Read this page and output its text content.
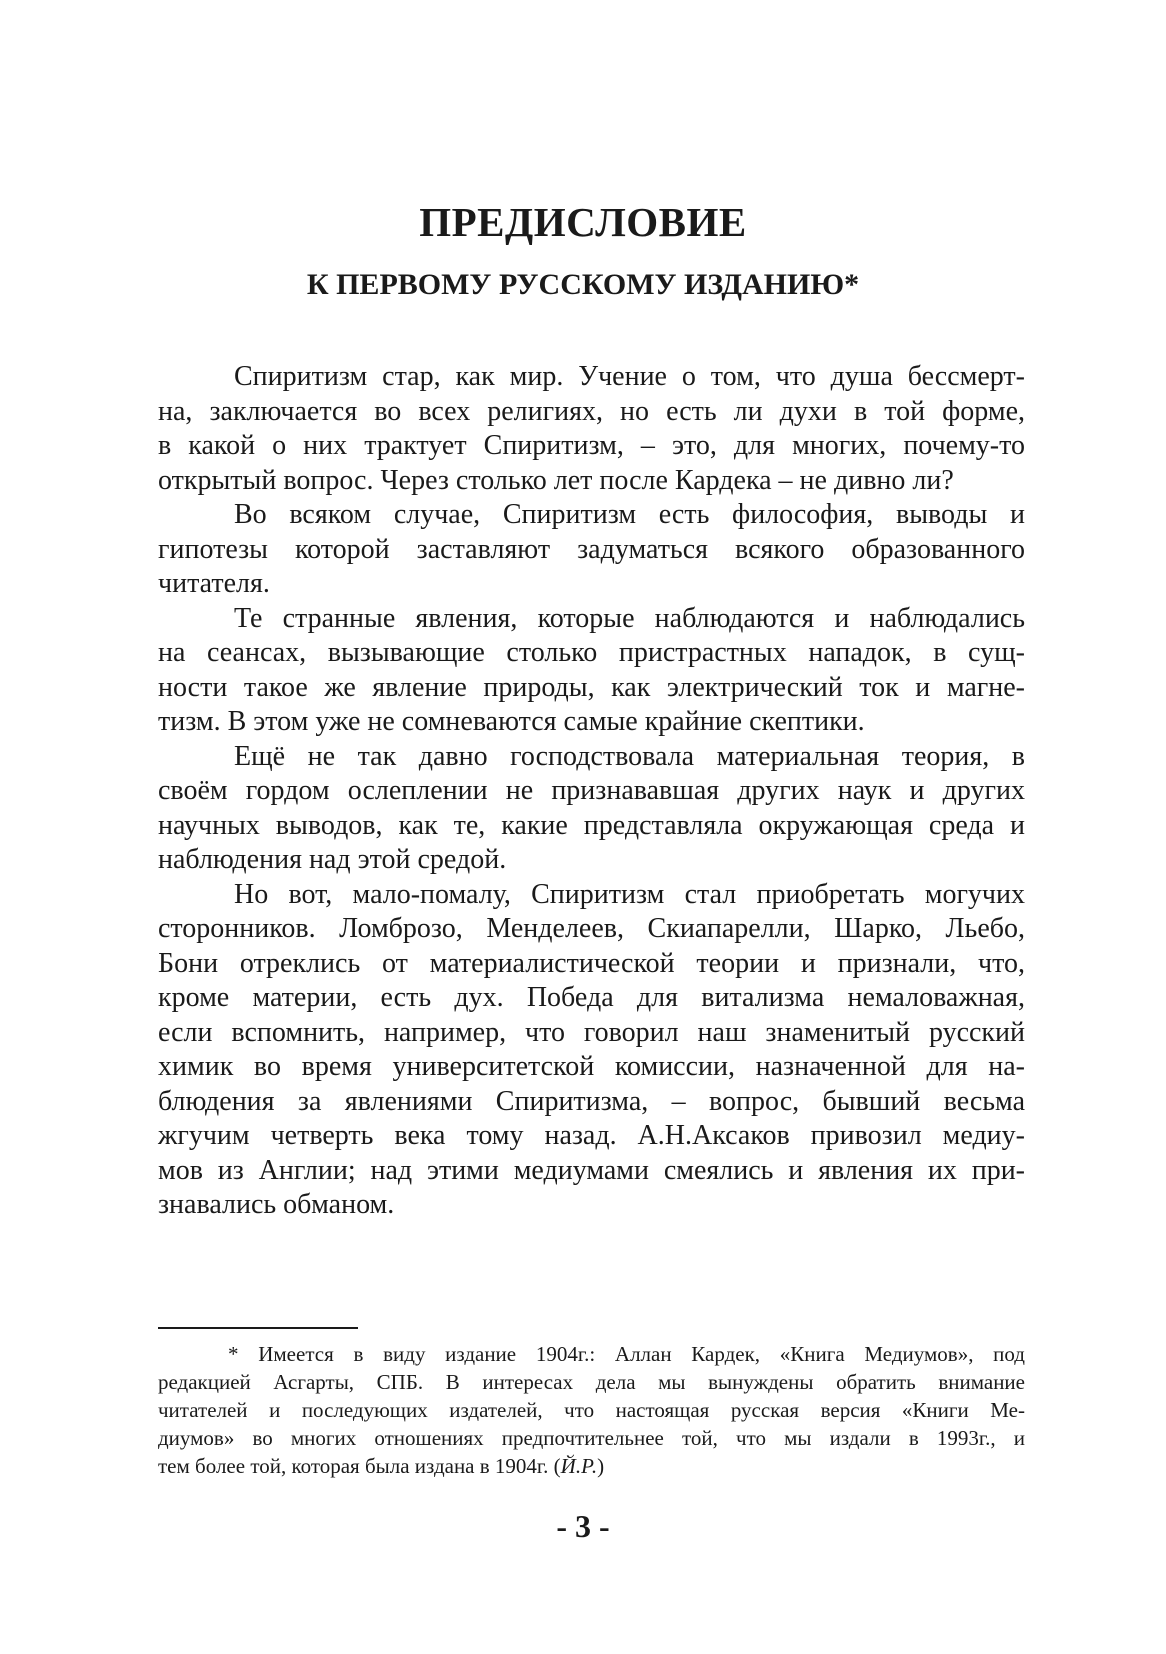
ПРЕДИСЛОВИЕ
К ПЕРВОМУ РУССКОМУ ИЗДАНИЮ*
Спиритизм стар, как мир. Учение о том, что душа бессмерт-
на, заключается во всех религиях, но есть ли духи в той форме,
в какой о них трактует Спиритизм, – это, для многих, почему-то
открытый вопрос. Через столько лет после Кардека – не дивно ли?
Во всяком случае, Спиритизм есть философия, выводы и
гипотезы которой заставляют задуматься всякого образованного
читателя.
Те странные явления, которые наблюдаются и наблюдались
на сеансах, вызывающие столько пристрастных нападок, в сущ-
ности такое же явление природы, как электрический ток и магне-
тизм. В этом уже не сомневаются самые крайние скептики.
Ещё не так давно господствовала материальная теория, в
своём гордом ослеплении не признававшая других наук и других
научных выводов, как те, какие представляла окружающая среда и
наблюдения над этой средой.
Но вот, мало-помалу, Спиритизм стал приобретать могучих
сторонников. Ломброзо, Менделеев, Скиапарелли, Шарко, Льебо,
Бони отреклись от материалистической теории и признали, что,
кроме материи, есть дух. Победа для витализма немаловажная,
если вспомнить, например, что говорил наш знаменитый русский
химик во время университетской комиссии, назначенной для на-
блюдения за явлениями Спиритизма, – вопрос, бывший весьма
жгучим четверть века тому назад. А.Н.Аксаков привозил медиу-
мов из Англии; над этими медиумами смеялись и явления их при-
знавались обманом.
* Имеется в виду издание 1904г.: Аллан Кардек, «Книга Медиумов», под
редакцией Асгарты, СПБ. В интересах дела мы вынуждены обратить внимание
читателей и последующих издателей, что настоящая русская версия «Книги Ме-
диумов» во многих отношениях предпочтительнее той, что мы издали в 1993г., и
тем более той, которая была издана в 1904г. (Й.Р.)

- 3 -
